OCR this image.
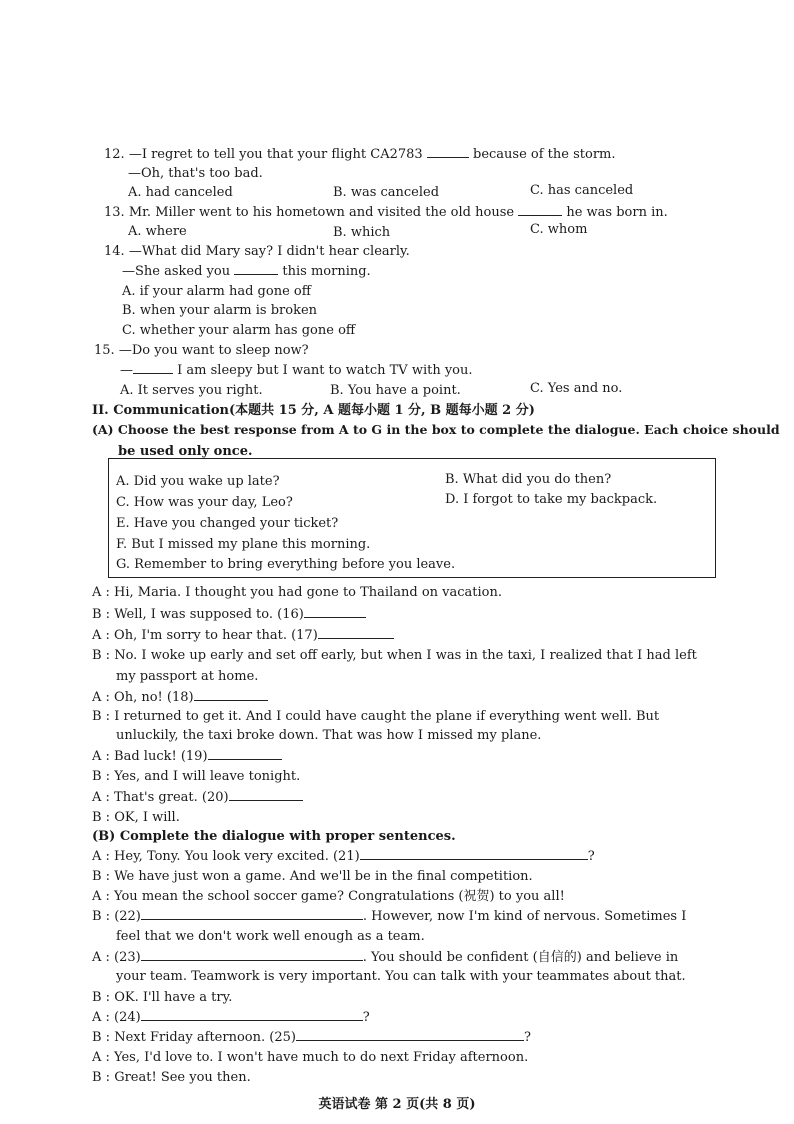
12. —I regret to tell you that your flight CA2783	because of the storm.
—Oh, that's too bad.
A. had canceled	B. was canceled	C. has canceled
13. Mr. Miller went to his hometown and visited the old house	he was born in.
A. where	B. which	C. whom
14. —What did Mary say? I didn't hear clearly.
—She asked you	this morning.
A. if your alarm had gone off
B. when your alarm is broken
C. whether your alarm has gone off
15. —Do you want to sleep now?
—	I am sleepy but I want to watch TV with you.
A. It serves you right.	B. You have a point.	C. Yes and no.
II. Communication(本题共 15 分, A 题每小题 1 分, B 题每小题 2 分)
(A) Choose the best response from A to G in the box to complete the dialogue. Each choice should
be used only once.
A. Did you wake up late?	B. What did you do then?
C. How was your day, Leo?	D. I forgot to take my backpack.
E. Have you changed your ticket?
F. But I missed my plane this morning.
G. Remember to bring everything before you leave.
A : Hi, Maria. I thought you had gone to Thailand on vacation.
B : Well, I was supposed to. (16)
A : Oh, I'm sorry to hear that. (17)
B : No. I woke up early and set off early, but when I was in the taxi, I realized that I had left
my passport at home.
A : Oh, no! (18)
B : I returned to get it. And I could have caught the plane if everything went well. But
unluckily, the taxi broke down. That was how I missed my plane.
A : Bad luck! (19)
B : Yes, and I will leave tonight.
A : That's great. (20)
B : OK, I will.
(B) Complete the dialogue with proper sentences.
A : Hey, Tony. You look very excited. (21)	?
B : We have just won a game. And we'll be in the final competition.
A : You mean the school soccer game? Congratulations (祝贺) to you all!
B : (22)	. However, now I'm kind of nervous. Sometimes I
feel that we don't work well enough as a team.
A : (23)	. You should be confident (自信的) and believe in
your team. Teamwork is very important. You can talk with your teammates about that.
B : OK. I'll have a try.
A : (24)	?
B : Next Friday afternoon. (25)	?
A : Yes, I'd love to. I won't have much to do next Friday afternoon.
B : Great! See you then.
英语试卷 第 2 页(共 8 页)
